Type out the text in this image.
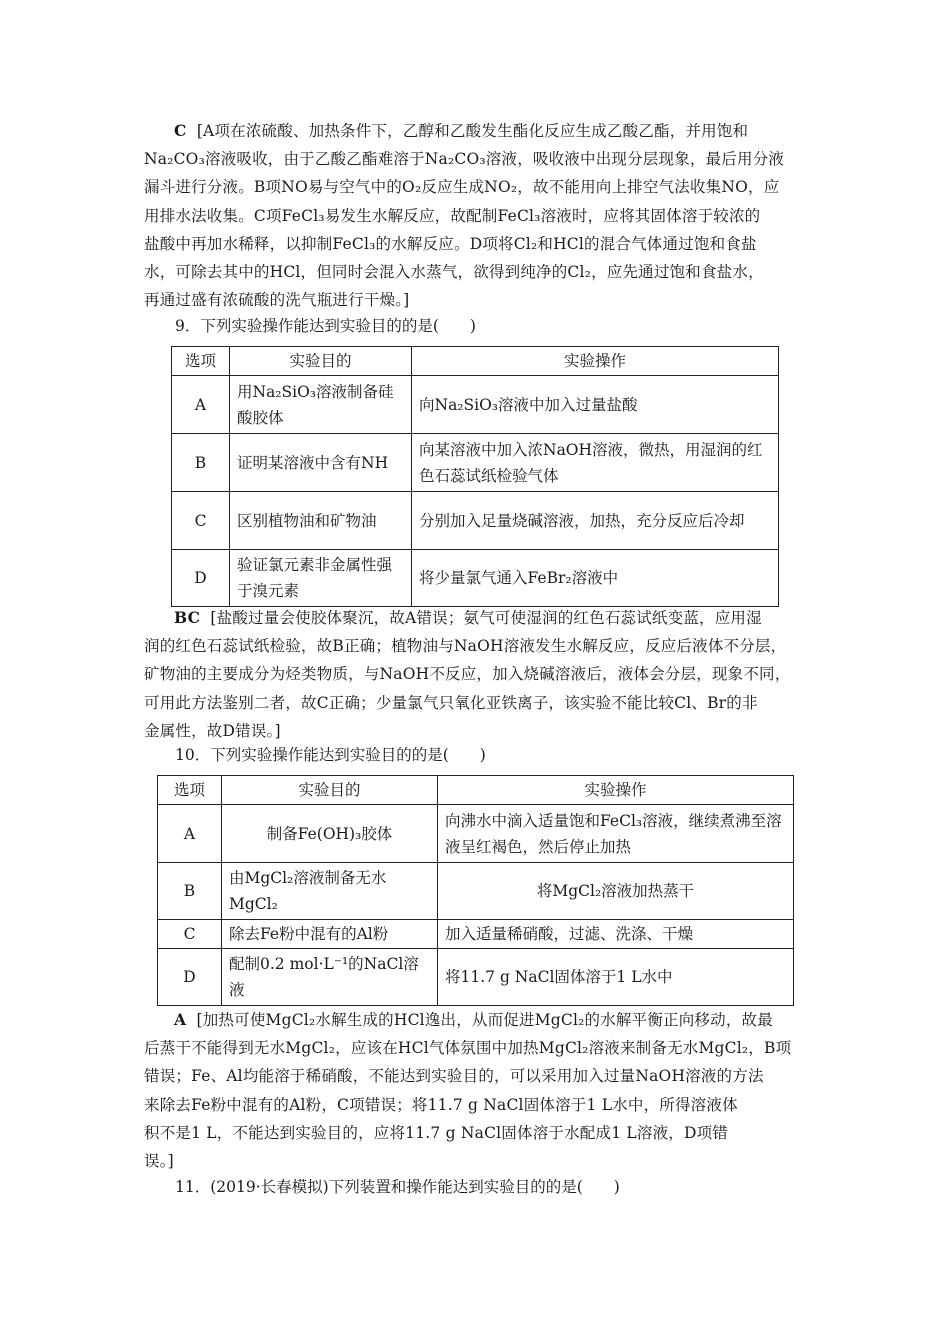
C [A项在浓硫酸、加热条件下，乙醇和乙酸发生酯化反应生成乙酸乙酯，并用饱和

Na₂CO₃溶液吸收，由于乙酸乙酯难溶于Na₂CO₃溶液，吸收液中出现分层现象，最后用分液

漏斗进行分液。B项NO易与空气中的O₂反应生成NO₂，故不能用向上排空气法收集NO，应

用排水法收集。C项FeCl₃易发生水解反应，故配制FeCl₃溶液时，应将其固体溶于较浓的

盐酸中再加水稀释，以抑制FeCl₃的水解反应。D项将Cl₂和HCl的混合气体通过饱和食盐

水，可除去其中的HCl，但同时会混入水蒸气，欲得到纯净的Cl₂，应先通过饱和食盐水，

再通过盛有浓硫酸的洗气瓶进行干燥。]

9．下列实验操作能达到实验目的的是(　　)
选项	实验目的	实验操作
A	用Na₂SiO₃溶液制备硅酸胶体	向Na₂SiO₃溶液中加入过量盐酸
B	证明某溶液中含有NH	向某溶液中加入浓NaOH溶液，微热，用湿润的红色石蕊试纸检验气体
C	区别植物油和矿物油	分别加入足量烧碱溶液，加热，充分反应后冷却
D	验证氯元素非金属性强于溴元素	将少量氯气通入FeBr₂溶液中

BC [盐酸过量会使胶体聚沉，故A错误；氨气可使湿润的红色石蕊试纸变蓝，应用湿

润的红色石蕊试纸检验，故B正确；植物油与NaOH溶液发生水解反应，反应后液体不分层，

矿物油的主要成分为烃类物质，与NaOH不反应，加入烧碱溶液后，液体会分层，现象不同，

可用此方法鉴别二者，故C正确；少量氯气只氧化亚铁离子，该实验不能比较Cl、Br的非

金属性，故D错误。]

10．下列实验操作能达到实验目的的是(　　)
选项	实验目的	实验操作
A	制备Fe(OH)₃胶体	向沸水中滴入适量饱和FeCl₃溶液，继续煮沸至溶液呈红褐色，然后停止加热
B	由MgCl₂溶液制备无水MgCl₂	将MgCl₂溶液加热蒸干
C	除去Fe粉中混有的Al粉	加入适量稀硝酸，过滤、洗涤、干燥
D	配制0.2 mol·L⁻¹的NaCl溶液	将11.7 g NaCl固体溶于1 L水中

A [加热可使MgCl₂水解生成的HCl逸出，从而促进MgCl₂的水解平衡正向移动，故最

后蒸干不能得到无水MgCl₂，应该在HCl气体氛围中加热MgCl₂溶液来制备无水MgCl₂，B项

错误；Fe、Al均能溶于稀硝酸，不能达到实验目的，可以采用加入过量NaOH溶液的方法

来除去Fe粉中混有的Al粉，C项错误；将11.7 g NaCl固体溶于1 L水中，所得溶液体

积不是1 L，不能达到实验目的，应将11.7 g NaCl固体溶于水配成1 L溶液，D项错

误。]

11．(2019·长春模拟)下列装置和操作能达到实验目的的是(　　)
